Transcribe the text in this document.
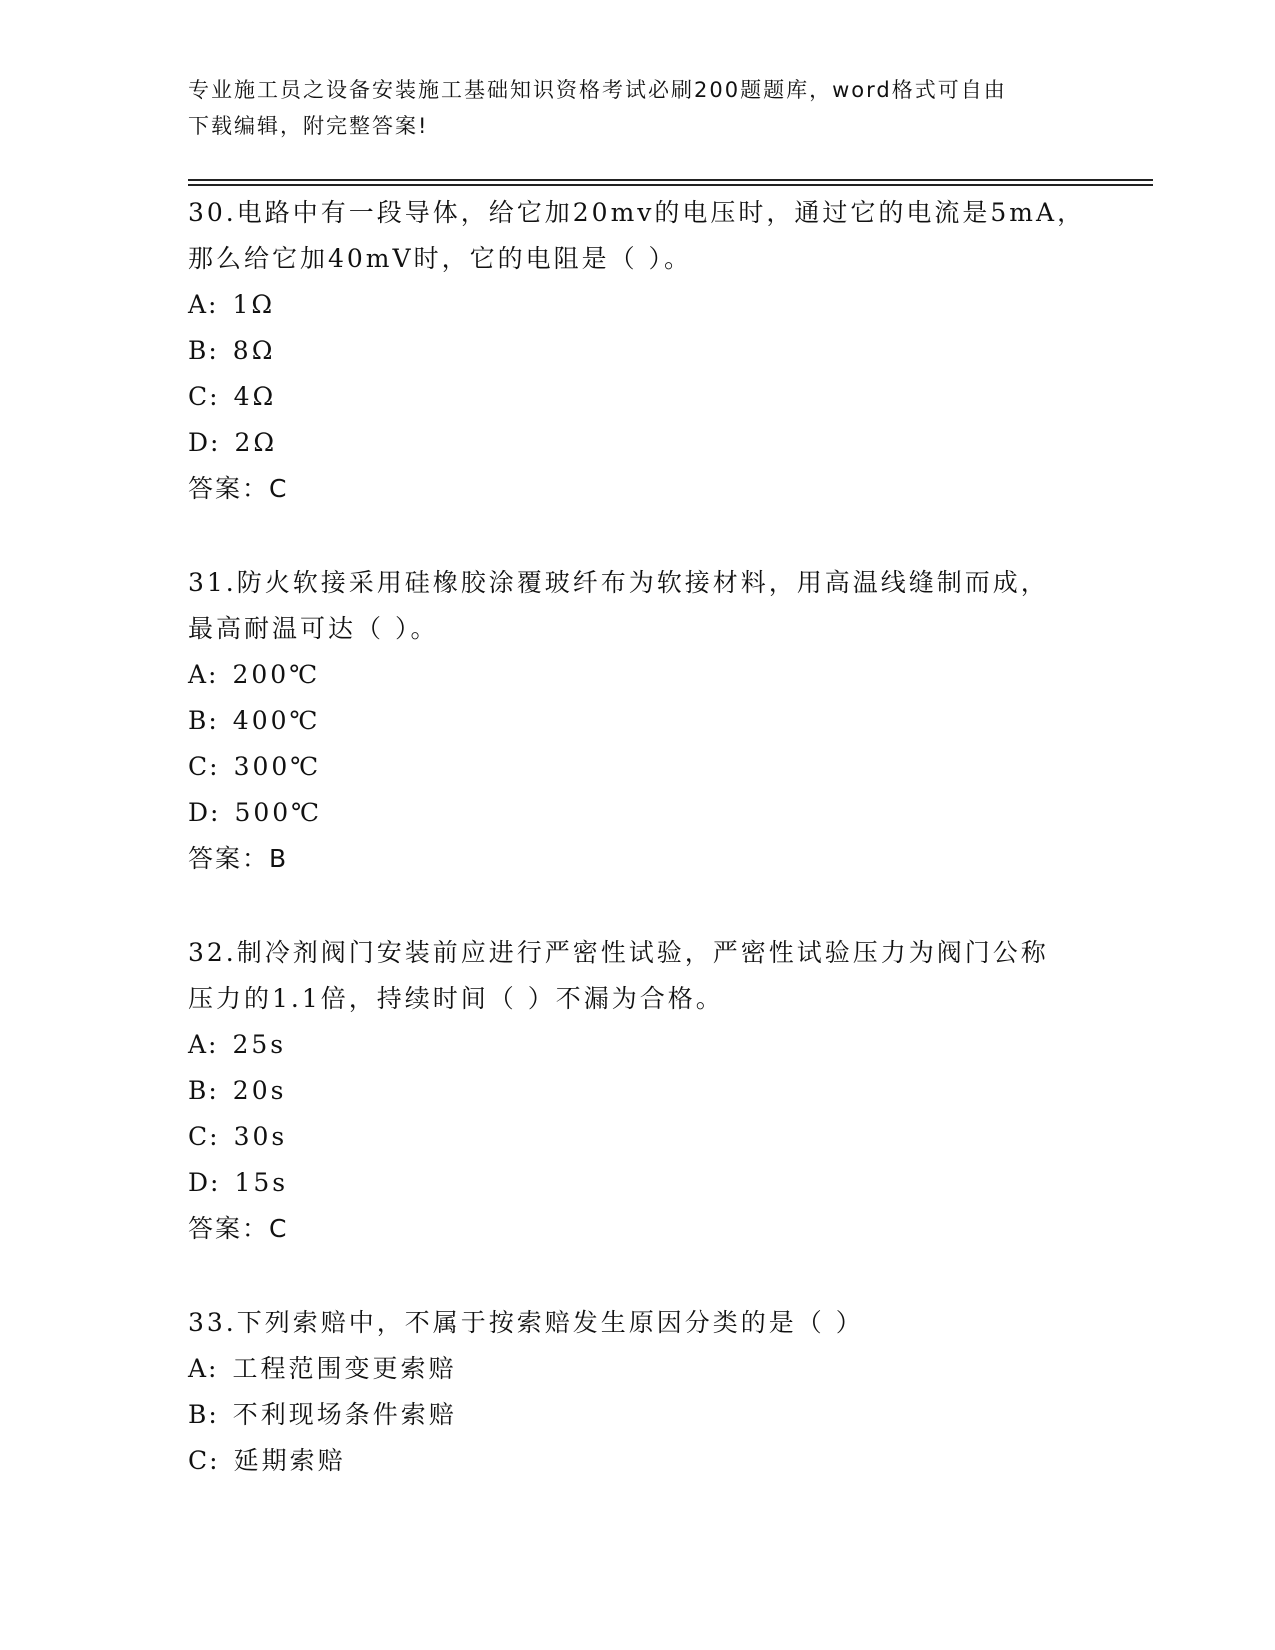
专业施工员之设备安装施工基础知识资格考试必刷200题题库，word格式可自由
下载编辑，附完整答案!

30.电路中有一段导体，给它加20mv的电压时，通过它的电流是5mA，
那么给它加40mV时，它的电阻是（ ）。

A: 1Ω
B: 8Ω
C: 4Ω
D: 2Ω
答案：C

31.防火软接采用硅橡胶涂覆玻纤布为软接材料，用高温线缝制而成，
最高耐温可达（ ）。

A: 200℃
B: 400℃
C: 300℃
D: 500℃
答案：B

32.制冷剂阀门安装前应进行严密性试验，严密性试验压力为阀门公称
压力的1.1倍，持续时间（ ）不漏为合格。

A: 25s
B: 20s
C: 30s
D: 15s
答案：C

33.下列索赔中，不属于按索赔发生原因分类的是（ ）

A: 工程范围变更索赔
B: 不利现场条件索赔
C: 延期索赔
